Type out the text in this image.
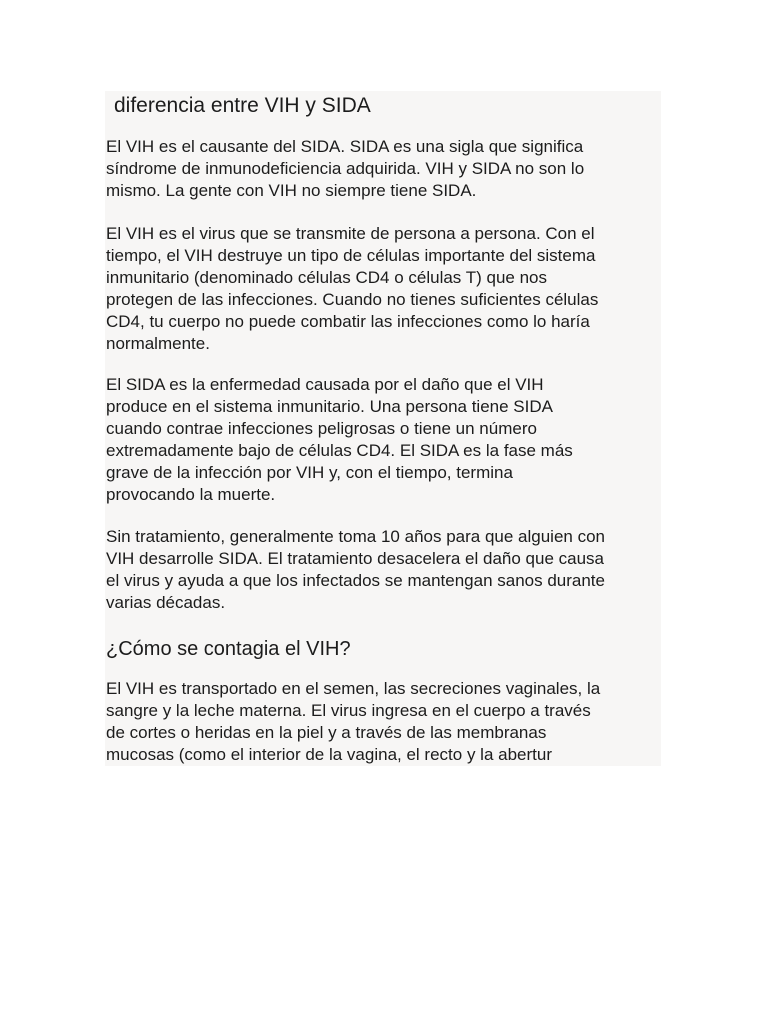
diferencia entre VIH y SIDA

El VIH es el causante del SIDA. SIDA es una sigla que significa
síndrome de inmunodeficiencia adquirida. VIH y SIDA no son lo
mismo. La gente con VIH no siempre tiene SIDA.

El VIH es el virus que se transmite de persona a persona. Con el
tiempo, el VIH destruye un tipo de células importante del sistema
inmunitario (denominado células CD4 o células T) que nos
protegen de las infecciones. Cuando no tienes suficientes células
CD4, tu cuerpo no puede combatir las infecciones como lo haría
normalmente.

El SIDA es la enfermedad causada por el daño que el VIH
produce en el sistema inmunitario. Una persona tiene SIDA
cuando contrae infecciones peligrosas o tiene un número
extremadamente bajo de células CD4. El SIDA es la fase más
grave de la infección por VIH y, con el tiempo, termina
provocando la muerte.

Sin tratamiento, generalmente toma 10 años para que alguien con
VIH desarrolle SIDA. El tratamiento desacelera el daño que causa
el virus y ayuda a que los infectados se mantengan sanos durante
varias décadas.

¿Cómo se contagia el VIH?

El VIH es transportado en el semen, las secreciones vaginales, la
sangre y la leche materna. El virus ingresa en el cuerpo a través
de cortes o heridas en la piel y a través de las membranas
mucosas (como el interior de la vagina, el recto y la abertur
